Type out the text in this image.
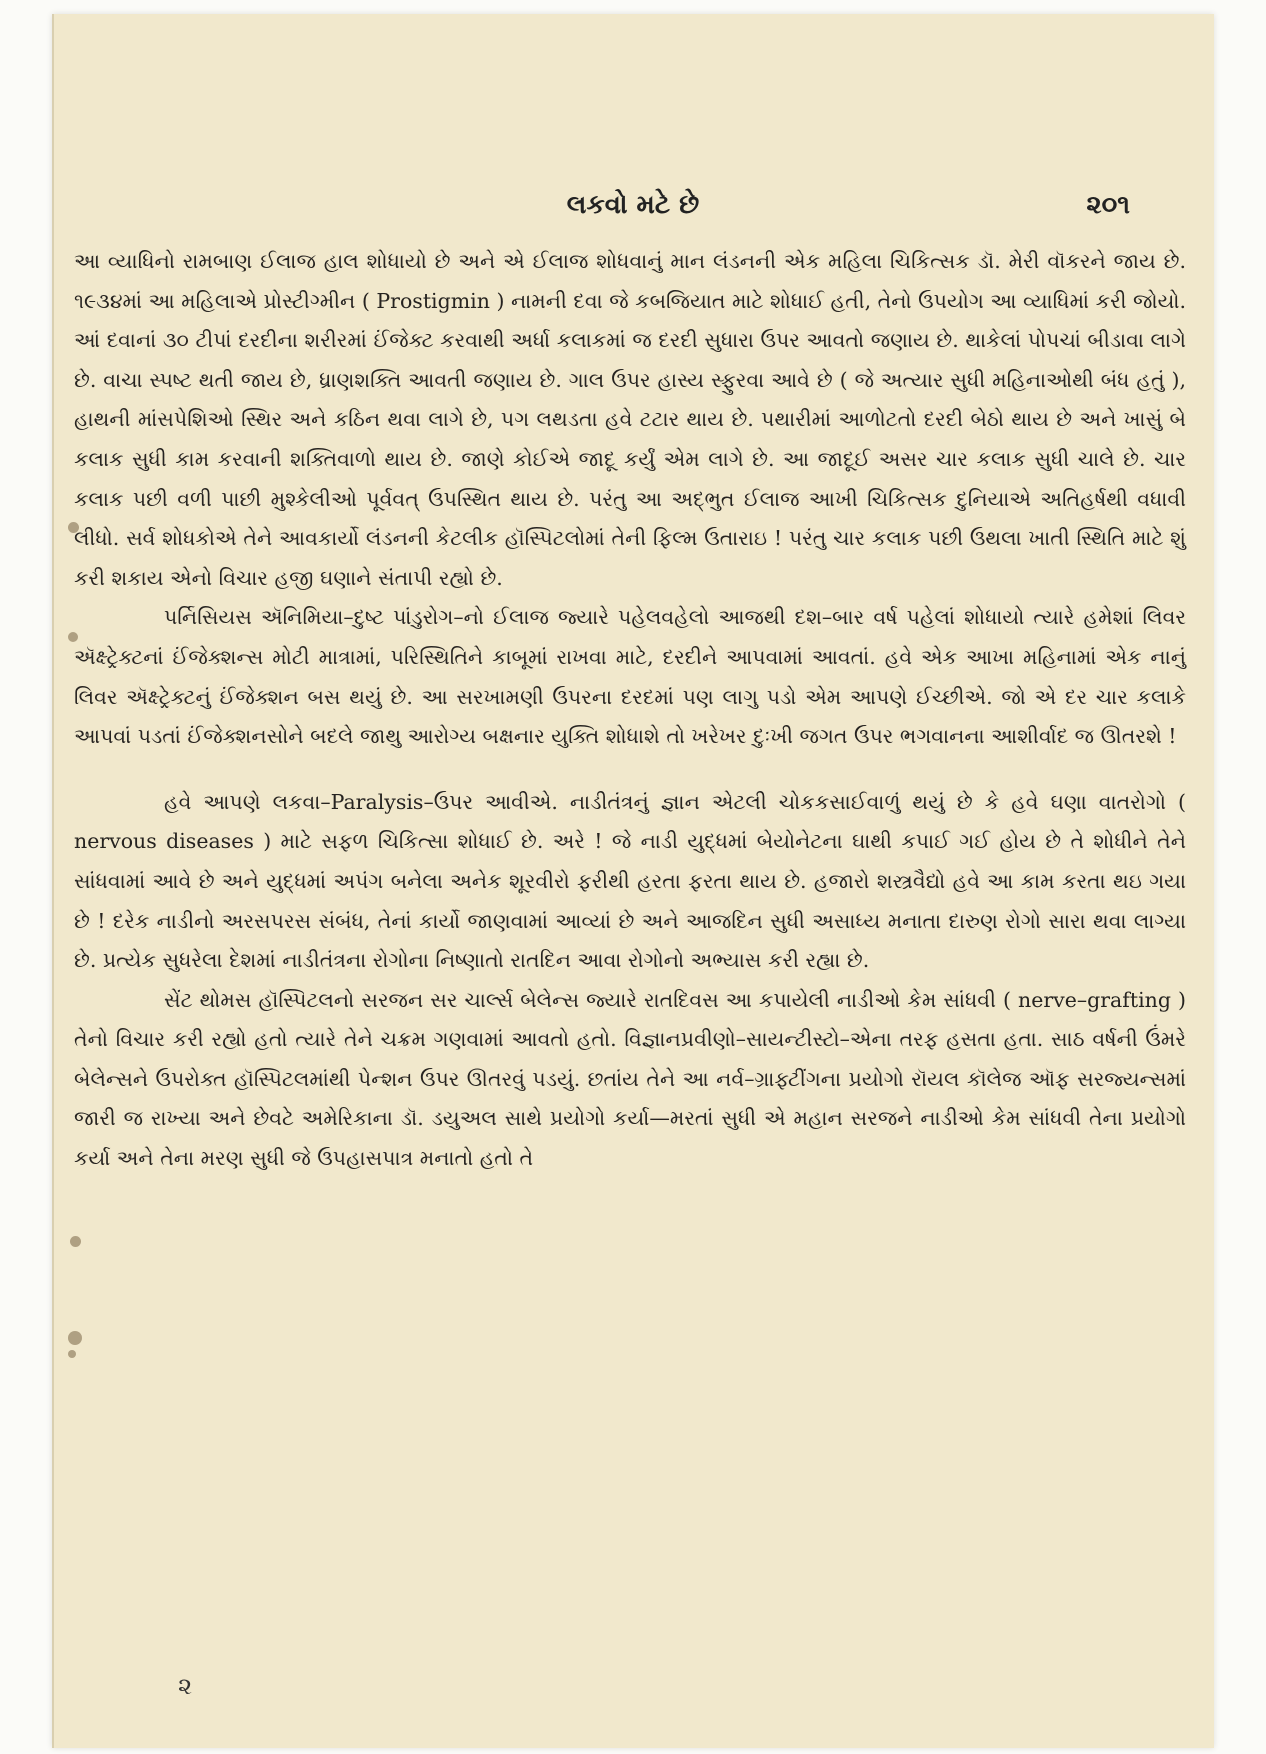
લકવો મટે છે	૨૦૧

આ વ્યાધિનો રામબાણ ઈલાજ હાલ શોધાયો છે અને એ ઈલાજ શોધવાનું માન લંડનની એક મહિલા ચિકિત્સક ડૉ. મેરી વૉકરને જાય છે. ૧૯૩૪માં આ મહિલાએ પ્રોસ્ટીગ્મીન ( Prostigmin ) નામની દવા જે કબજિયાત માટે શોધાઈ હતી, તેનો ઉપયોગ આ વ્યાધિમાં કરી જોયો. આં દવાનાં ૩૦ ટીપાં દરદીના શરીરમાં ઈંજેક્ટ કરવાથી અર્ધા કલાકમાં જ દરદી સુધારા ઉપર આવતો જણાય છે. થાકેલાં પોપચાં બીડાવા લાગે છે. વાચા સ્પષ્ટ થતી જાય છે, ધ્રાણશક્તિ આવતી જણાય છે. ગાલ ઉપર હાસ્ય સ્ફુરવા આવે છે ( જે અત્યાર સુધી મહિનાઓથી બંધ હતું ), હાથની માંસપેશિઓ સ્થિર અને કઠિન થવા લાગે છે, પગ લથડતા હવે ટટાર થાય છે. પથારીમાં આળોટતો દરદી બેઠો થાય છે અને ખાસું બે કલાક સુધી કામ કરવાની શક્તિવાળો થાય છે. જાણે કોઈએ જાદૂ કર્યું એમ લાગે છે. આ જાદૂઈ અસર ચાર કલાક સુધી ચાલે છે. ચાર કલાક પછી વળી પાછી મુશ્કેલીઓ પૂર્વવત્ ઉપસ્થિત થાય છે. પરંતુ આ અદ્ભુત ઈલાજ આખી ચિકિત્સક દુનિયાએ અતિહર્ષથી વધાવી લીધો. સર્વ શોધકોએ તેને આવકાર્યો લંડનની કેટલીક હૉસ્પિટલોમાં તેની ફિલ્મ ઉતારાઇ ! પરંતુ ચાર કલાક પછી ઉથલા ખાતી સ્થિતિ માટે શું કરી શકાય એનો વિચાર હજી ઘણાને સંતાપી રહ્યો છે.

પર્નિસિયસ ઍનિમિયા–દુષ્ટ પાંડુરોગ–નો ઈલાજ જ્યારે પહેલવહેલો આજથી દશ–બાર વર્ષ પહેલાં શોધાયો ત્યારે હમેશાં લિવર ઍક્ષ્ટ્રેક્ટનાં ઈંજેક્શન્સ મોટી માત્રામાં, પરિસ્થિતિને કાબૂમાં રાખવા માટે, દરદીને આપવામાં આવતાં. હવે એક આખા મહિનામાં એક નાનું લિવર ઍક્ષ્ટ્રેક્ટનું ઈંજેક્શન બસ થયું છે. આ સરખામણી ઉપરના દરદમાં પણ લાગુ પડો એમ આપણે ઈચ્છીએ. જો એ દર ચાર કલાકે આપવાં પડતાં ઈંજેક્શનસોને બદલે જાથુ આરોગ્ય બક્ષનાર યુક્તિ શોધાશે તો ખરેખર દુઃખી જગત ઉપર ભગવાનના આશીર્વાદ જ ઊતરશે !

હવે આપણે લકવા–Paralysis–ઉપર આવીએ. નાડીતંત્રનું જ્ઞાન એટલી ચોકકસાઈવાળું થયું છે કે હવે ઘણા વાતરોગો ( nervous diseases ) માટે સફળ ચિકિત્સા શોધાઈ છે. અરે ! જે નાડી યુદ્ધમાં બેયોનેટના ઘાથી કપાઈ ગઈ હોય છે તે શોધીને તેને સાંધવામાં આવે છે અને યુદ્ધમાં અપંગ બનેલા અનેક શૂરવીરો ફરીથી હરતા ફરતા થાય છે. હજારો શસ્ત્રવૈદ્યો હવે આ કામ કરતા થઇ ગયા છે ! દરેક નાડીનો અરસપરસ સંબંધ, તેનાં કાર્યો જાણવામાં આવ્યાં છે અને આજદિન સુધી અસાધ્ય મનાતા દારુણ રોગો સારા થવા લાગ્યા છે. પ્રત્યેક સુધરેલા દેશમાં નાડીતંત્રના રોગોના નિષ્ણાતો રાતદિન આવા રોગોનો અભ્યાસ કરી રહ્યા છે.

સેંટ થોમસ હૉસ્પિટલનો સરજન સર ચાર્લ્સ બેલેન્સ જ્યારે રાતદિવસ આ કપાયેલી નાડીઓ કેમ સાંધવી ( nerve–grafting ) તેનો વિચાર કરી રહ્યો હતો ત્યારે તેને ચક્રમ ગણવામાં આવતો હતો. વિજ્ઞાનપ્રવીણો–સાયન્ટીસ્ટો–એના તરફ હસતા હતા. સાઠ વર્ષની ઉંમરે બેલેન્સને ઉપરોક્ત હૉસ્પિટલમાંથી પેન્શન ઉપર ઊતરવું પડયું. છતાંય તેને આ નર્વ–ગ્રાફ્ટીંગના પ્રયોગો રૉયલ કૉલેજ ઑફ સરજ્યન્સમાં જારી જ રાખ્યા અને છેવટે અમેરિકાના ડૉ. ડયુઅલ સાથે પ્રયોગો કર્યા—મરતાં સુધી એ મહાન સરજને નાડીઓ કેમ સાંધવી તેના પ્રયોગો કર્યા અને તેના મરણ સુધી જે ઉપહાસપાત્ર મનાતો હતો તે

૨
